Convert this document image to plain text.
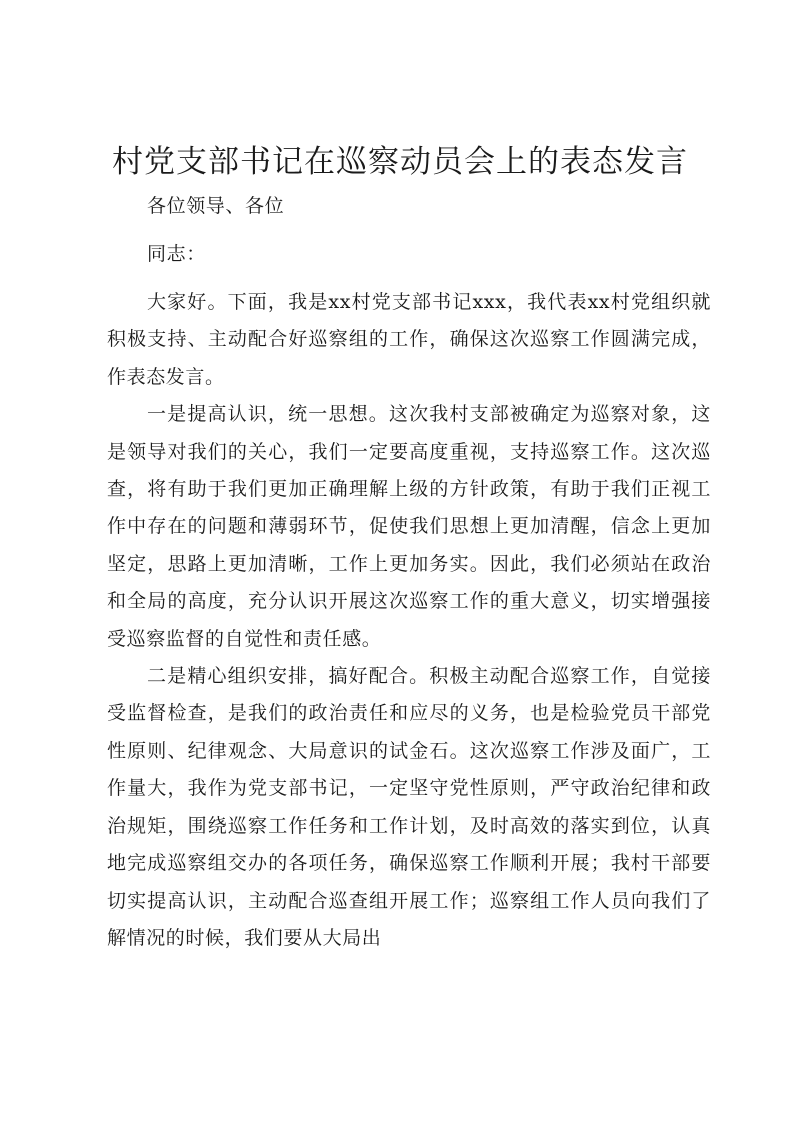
村党支部书记在巡察动员会上的表态发言

各位领导、各位

同志：

大家好。下面，我是xx村党支部书记xxx，我代表xx村党组织就积极支持、主动配合好巡察组的工作，确保这次巡察工作圆满完成，作表态发言。

一是提高认识，统一思想。这次我村支部被确定为巡察对象，这是领导对我们的关心，我们一定要高度重视，支持巡察工作。这次巡查，将有助于我们更加正确理解上级的方针政策，有助于我们正视工作中存在的问题和薄弱环节，促使我们思想上更加清醒，信念上更加坚定，思路上更加清晰，工作上更加务实。因此，我们必须站在政治和全局的高度，充分认识开展这次巡察工作的重大意义，切实增强接受巡察监督的自觉性和责任感。

二是精心组织安排，搞好配合。积极主动配合巡察工作，自觉接受监督检查，是我们的政治责任和应尽的义务，也是检验党员干部党性原则、纪律观念、大局意识的试金石。这次巡察工作涉及面广，工作量大，我作为党支部书记，一定坚守党性原则，严守政治纪律和政治规矩，围绕巡察工作任务和工作计划，及时高效的落实到位，认真地完成巡察组交办的各项任务，确保巡察工作顺利开展；我村干部要切实提高认识，主动配合巡查组开展工作；巡察组工作人员向我们了解情况的时候，我们要从大局出
